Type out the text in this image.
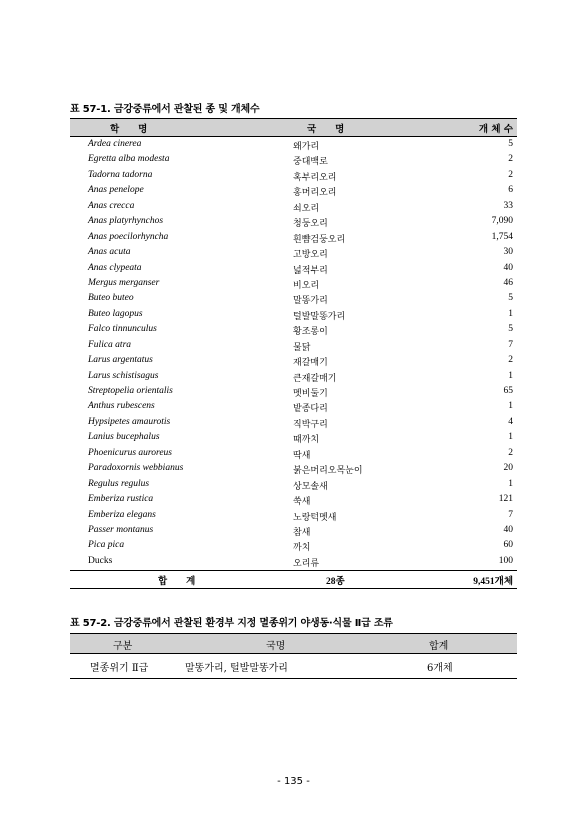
표 57-1. 금강중류에서 관찰된 종 및 개체수
학　　명	국　　명	개 체 수
Ardea cinerea	왜가리	5
Egretta alba modesta	중대백로	2
Tadorna tadorna	혹부리오리	2
Anas penelope	홍머리오리	6
Anas crecca	쇠오리	33
Anas platyrhynchos	청둥오리	7,090
Anas poecilorhyncha	흰뺨검둥오리	1,754
Anas acuta	고방오리	30
Anas clypeata	넓적부리	40
Mergus merganser	비오리	46
Buteo buteo	말똥가리	5
Buteo lagopus	털발말똥가리	1
Falco tinnunculus	황조롱이	5
Fulica atra	물닭	7
Larus argentatus	재갈매기	2
Larus schistisagus	큰재갈매기	1
Streptopelia orientalis	멧비둘기	65
Anthus rubescens	밭종다리	1
Hypsipetes amaurotis	직박구리	4
Lanius bucephalus	때까치	1
Phoenicurus auroreus	딱새	2
Paradoxornis webbianus	붉은머리오목눈이	20
Regulus regulus	상모솔새	1
Emberiza rustica	쑥새	121
Emberiza elegans	노랑턱멧새	7
Passer montanus	참새	40
Pica pica	까치	60
Ducks	오리류	100
합　　계	28종	9,451개체
표 57-2. 금강중류에서 관찰된 환경부 지정 멸종위기 야생동·식물 Ⅱ급 조류
구분	국명	합계
멸종위기 Ⅱ급	말똥가리, 털발말똥가리	6개체
- 135 -
